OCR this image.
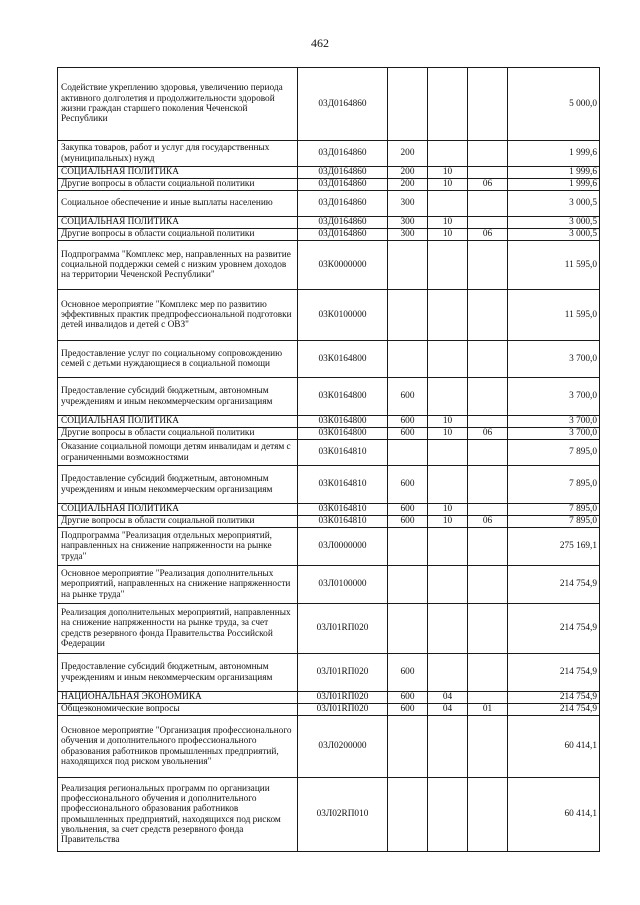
462
Содействие укреплению здоровья, увеличению периода активного долголетия и продолжительности здоровой жизни граждан старшего поколения Чеченской Республики	03Д0164860				5 000,0
Закупка товаров, работ и услуг для государственных (муниципальных) нужд	03Д0164860	200			1 999,6
СОЦИАЛЬНАЯ ПОЛИТИКА	03Д0164860	200	10		1 999,6
Другие вопросы в области социальной политики	03Д0164860	200	10	06	1 999,6
Социальное обеспечение и иные выплаты населению	03Д0164860	300			3 000,5
СОЦИАЛЬНАЯ ПОЛИТИКА	03Д0164860	300	10		3 000,5
Другие вопросы в области социальной политики	03Д0164860	300	10	06	3 000,5
Подпрограмма "Комплекс мер, направленных на развитие социальной поддержки семей с низким уровнем доходов на территории Чеченской Республики"	03К0000000				11 595,0
Основное мероприятие "Комплекс мер по развитию эффективных практик предпрофессиональной подготовки детей инвалидов и детей с ОВЗ"	03К0100000				11 595,0
Предоставление услуг по социальному сопровождению семей с детьми нуждающиеся в социальной помощи	03К0164800				3 700,0
Предоставление субсидий бюджетным, автономным учреждениям и иным некоммерческим организациям	03К0164800	600			3 700,0
СОЦИАЛЬНАЯ ПОЛИТИКА	03К0164800	600	10		3 700,0
Другие вопросы в области социальной политики	03К0164800	600	10	06	3 700,0
Оказание социальной помощи детям инвалидам и детям с ограниченными возможностями	03К0164810				7 895,0
Предоставление субсидий бюджетным, автономным учреждениям и иным некоммерческим организациям	03К0164810	600			7 895,0
СОЦИАЛЬНАЯ ПОЛИТИКА	03К0164810	600	10		7 895,0
Другие вопросы в области социальной политики	03К0164810	600	10	06	7 895,0
Подпрограмма "Реализация отдельных мероприятий, направленных на снижение напряженности на рынке труда"	03Л0000000				275 169,1
Основное мероприятие "Реализация дополнительных мероприятий, направленных на снижение напряженности на рынке труда"	03Л0100000				214 754,9
Реализация дополнительных мероприятий, направленных на снижение напряженности на рынке труда, за счет средств резервного фонда Правительства Российской Федерации	03Л01RП020				214 754,9
Предоставление субсидий бюджетным, автономным учреждениям и иным некоммерческим организациям	03Л01RП020	600			214 754,9
НАЦИОНАЛЬНАЯ ЭКОНОМИКА	03Л01RП020	600	04		214 754,9
Общеэкономические вопросы	03Л01RП020	600	04	01	214 754,9
Основное мероприятие "Организация профессионального обучения и дополнительного профессионального образования работников промышленных предприятий, находящихся под риском увольнения"	03Л0200000				60 414,1
Реализация региональных программ по организации профессионального обучения и дополнительного профессионального образования работников промышленных предприятий, находящихся под риском увольнения, за счет средств резервного фонда Правительства	03Л02RП010				60 414,1
